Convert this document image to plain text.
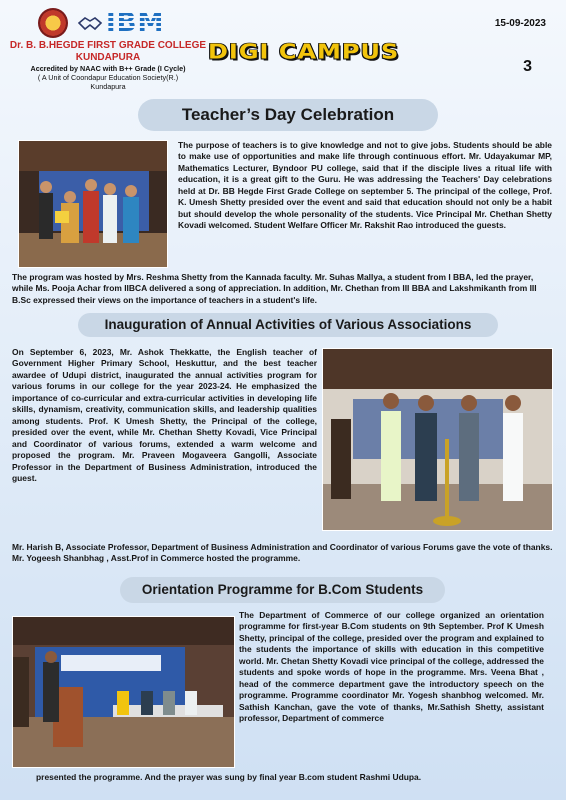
IBM
Dr. B. B.HEGDE FIRST GRADE COLLEGE
KUNDAPURA
Accredited by NAAC with B++ Grade (I Cycle)
( A Unit of Coondapur Education Society(R.)
Kundapura
15-09-2023
DIGI CAMPUS
3
Teacher’s Day Celebration

The purpose of teachers is to give knowledge and not to give jobs. Students should be able to make use of opportunities and make life through continuous effort. Mr. Udayakumar MP, Mathematics Lecturer, Byndoor PU college, said that if the disciple lives a ritual life with education, it is a great gift to the Guru. He was addressing the Teachers' Day celebrations held at Dr. BB Hegde First Grade College on september 5. The principal of the college, Prof. K. Umesh Shetty presided over the event and said that education should not only be a habit but should develop the whole personality of the students. Vice Principal Mr. Chethan Shetty Kovadi welcomed. Student Welfare Officer Mr. Rakshit Rao introduced the guests.

The program was hosted by Mrs. Reshma Shetty from the Kannada faculty. Mr. Suhas Mallya, a student from I BBA, led the prayer, while Ms. Pooja Achar from IIBCA delivered a song of appreciation. In addition, Mr. Chethan from III BBA and Lakshmikanth from III B.Sc expressed their views on the importance of teachers in a student's life.

Inauguration of Annual Activities of Various Associations

On September 6, 2023, Mr. Ashok Thekkatte, the English teacher of Government Higher Primary School, Heskuttur, and the best teacher awardee of Udupi district, inaugurated the annual activities program for various forums in our college for the year 2023-24. He emphasized the importance of co-curricular and extra-curricular activities in developing life skills, dynamism, creativity, communication skills, and leadership qualities among students. Prof. K Umesh Shetty, the Principal of the college, presided over the event, while Mr. Chethan Shetty Kovadi, Vice Principal and Coordinator of various forums, extended a warm welcome and proposed the program. Mr. Praveen Mogaveera Gangolli, Associate Professor in the Department of Business Administration, introduced the guest.

Mr. Harish B, Associate Professor, Department of Business Administration and Coordinator of various Forums gave the vote of thanks. Mr. Yogeesh Shanbhag , Asst.Prof in Commerce hosted the programme.

Orientation Programme for B.Com Students

The Department of Commerce of our college organized an orientation programme for first-year B.Com students on 9th September. Prof K Umesh Shetty, principal of the college, presided over the program and explained to the students the importance of skills with education in this competitive world. Mr. Chetan Shetty Kovadi vice principal of the college, addressed the students and spoke words of hope in the programme. Mrs. Veena Bhat , head of the commerce department gave the introductory speech on the programme. Programme coordinator Mr. Yogesh shanbhog welcomed. Mr. Sathish Kanchan, gave the vote of thanks, Mr.Sathish Shetty, assistant professor, Department of commerce

presented the programme. And the prayer was sung by final year B.com student Rashmi Udupa.
